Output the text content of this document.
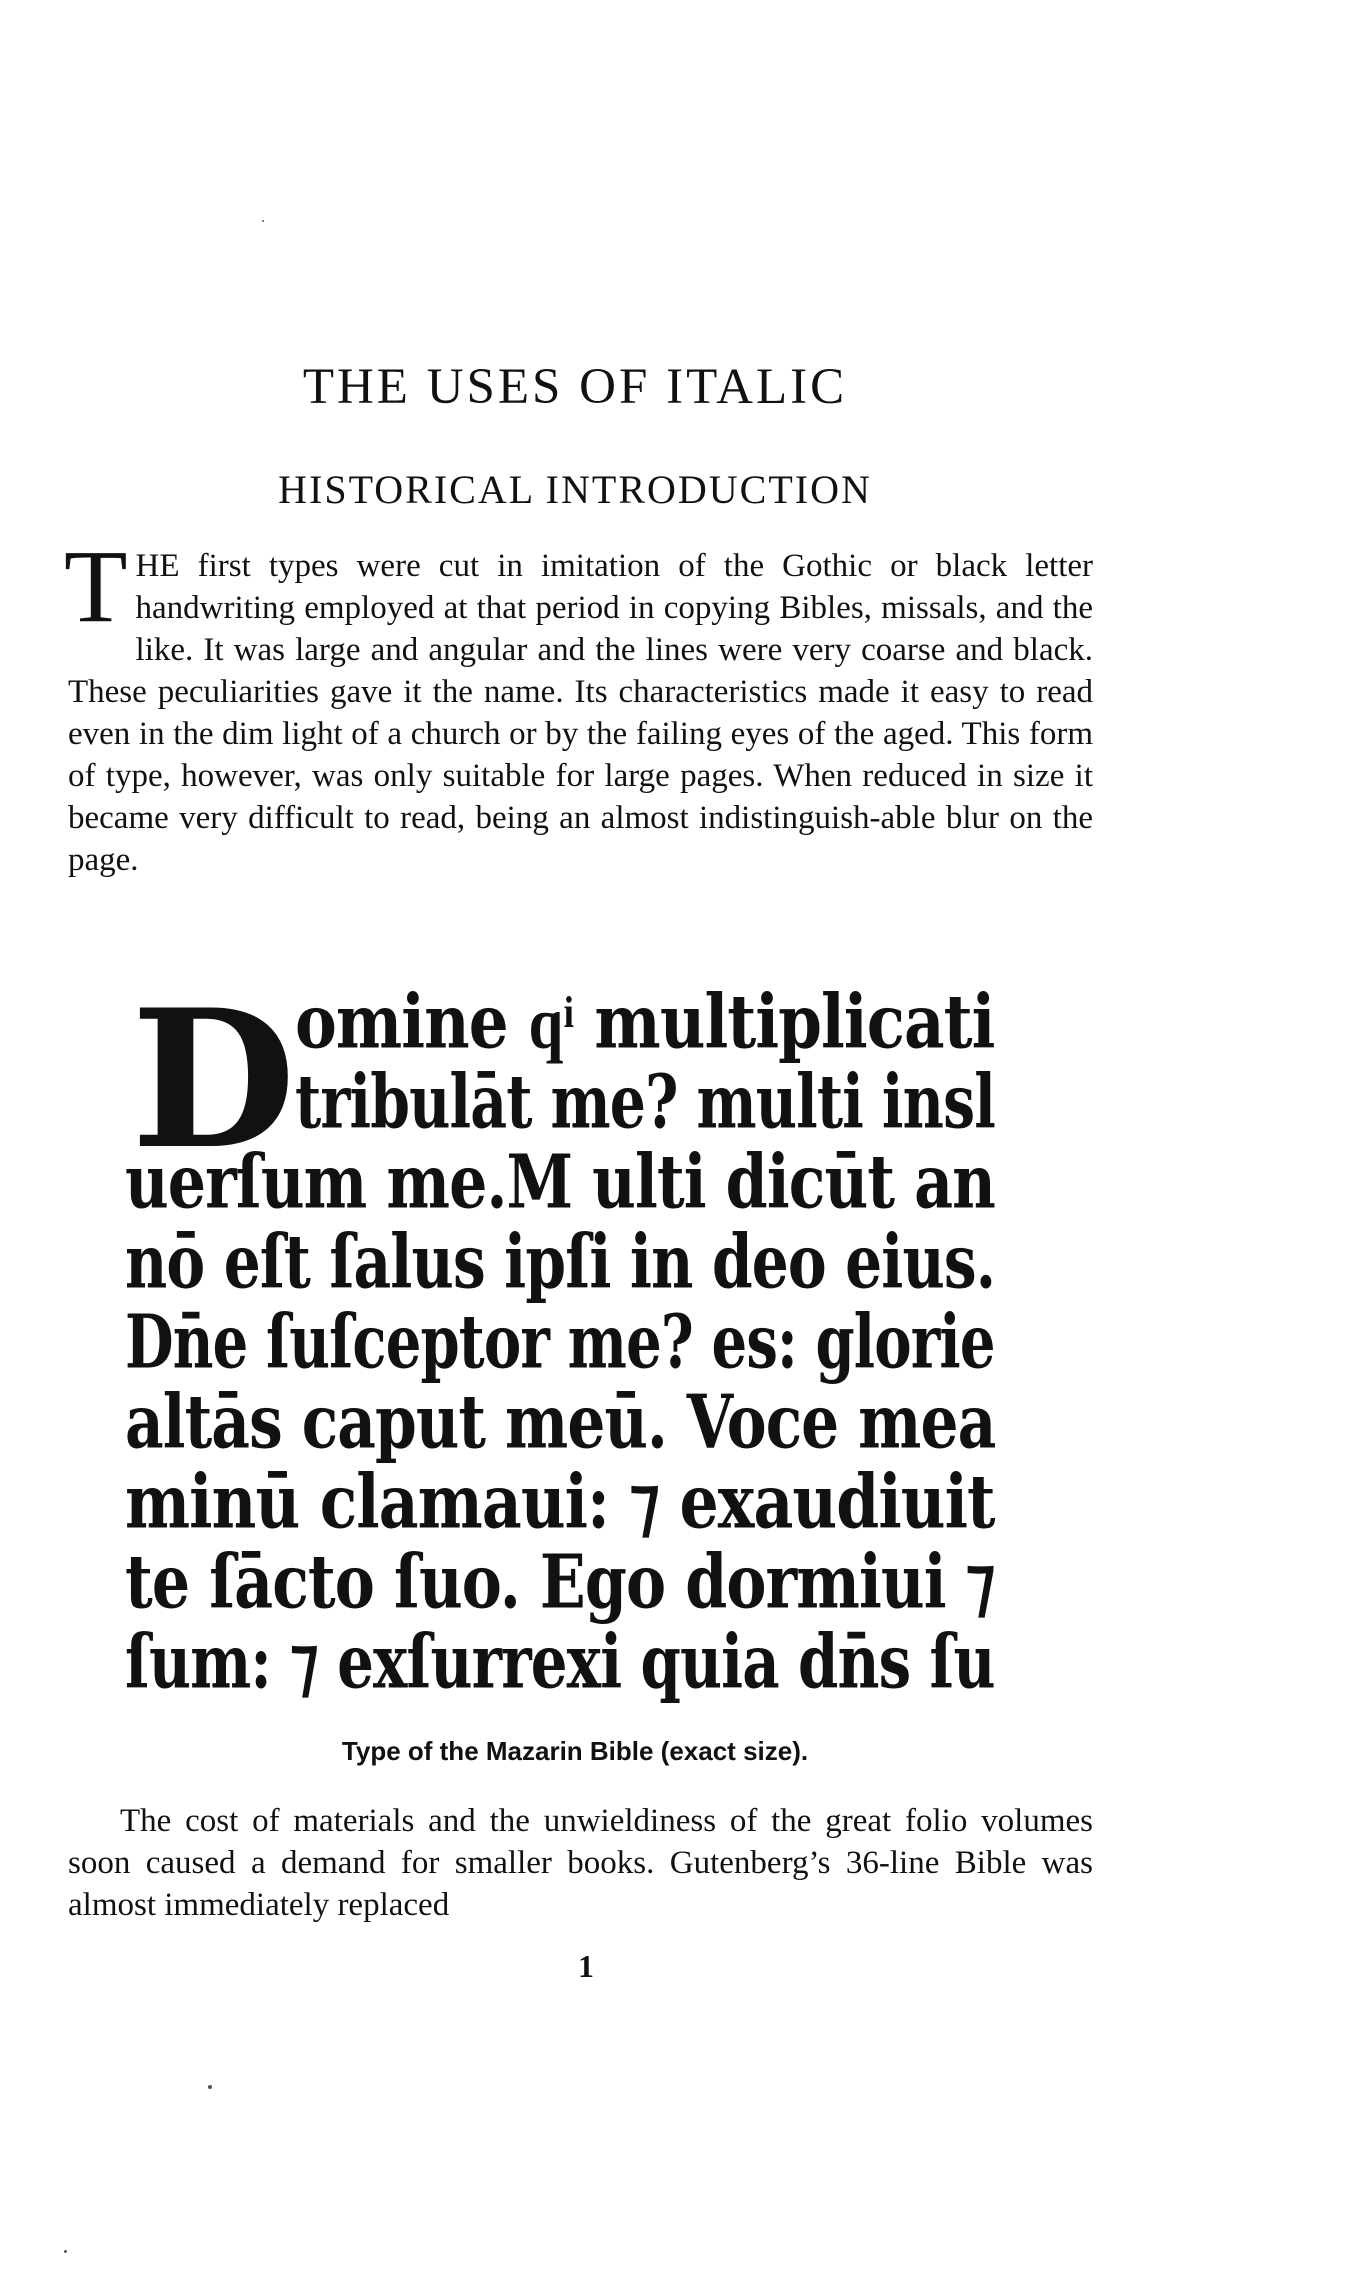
THE USES OF ITALIC
HISTORICAL INTRODUCTION
THE first types were cut in imitation of the Gothic or black letter handwriting employed at that period in copying Bibles, missals, and the like. It was large and angular and the lines were very coarse and black. These peculiarities gave it the name. Its characteristics made it easy to read even in the dim light of a church or by the failing eyes of the aged. This form of type, however, was only suitable for large pages. When reduced in size it became very difficult to read, being an almost indistinguish-able blur on the page.
D omine qͥ multiplicati
tribulāt me? multi insl
uerſum me.M ulti dicūt an
nō eſt ſalus ipſi in deo eius.
Dn̄e ſuſceptor me? es: glorie
altās caput meū. Voce mea
minū clamaui: ⁊ exaudiuit
te ſācto ſuo. Ego dormiui ⁊
ſum: ⁊ exſurrexi quia dn̄s ſu
Type of the Mazarin Bible (exact size).
The cost of materials and the unwieldiness of the great folio volumes soon caused a demand for smaller books. Gutenberg’s 36-line Bible was almost immediately replaced
1
